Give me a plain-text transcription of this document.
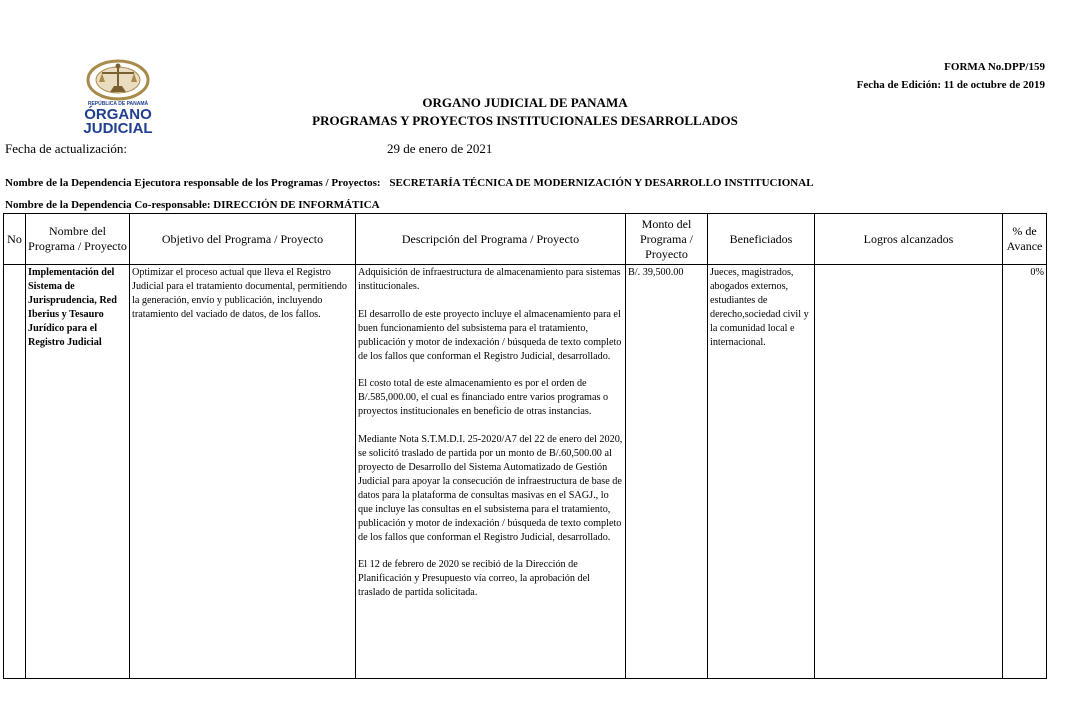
REPÚBLICA DE PANAMÁ
ÓRGANO
JUDICIAL
FORMA No.DPP/159
Fecha de Edición: 11 de octubre de 2019
ORGANO JUDICIAL DE PANAMA
PROGRAMAS Y PROYECTOS INSTITUCIONALES DESARROLLADOS
Fecha de actualización:	29 de enero de 2021
Nombre de la Dependencia Ejecutora responsable de los Programas / Proyectos: SECRETARÍA TÉCNICA DE MODERNIZACIÓN Y DESARROLLO INSTITUCIONAL
Nombre de la Dependencia Co-responsable: DIRECCIÓN DE INFORMÁTICA
No	Nombre del Programa / Proyecto	Objetivo del Programa / Proyecto	Descripción del Programa / Proyecto	Monto del Programa / Proyecto	Beneficiados	Logros alcanzados	% de Avance
	Implementación del Sistema de Jurisprudencia, Red Iberius y Tesauro Jurídico para el Registro Judicial	Optimizar el proceso actual que lleva el Registro Judicial para el tratamiento documental, permitiendo la generación, envío y publicación, incluyendo tratamiento del vaciado de datos, de los fallos.	Adquisición de infraestructura de almacenamiento para sistemas institucionales.

El desarrollo de este proyecto incluye el almacenamiento para el buen funcionamiento del subsistema para el tratamiento, publicación y motor de indexación / búsqueda de texto completo de los fallos que conforman el Registro Judicial, desarrollado.

El costo total de este almacenamiento es por el orden de B/.585,000.00, el cual es financiado entre varios programas o proyectos institucionales en beneficio de otras instancias.

Mediante Nota S.T.M.D.I. 25-2020/A7 del 22 de enero del 2020, se solicitó traslado de partida por un monto de B/.60,500.00 al proyecto de Desarrollo del Sistema Automatizado de Gestión Judicial para apoyar la consecución de infraestructura de base de datos para la plataforma de consultas masivas en el SAGJ., lo que incluye las consultas en el subsistema para el tratamiento, publicación y motor de indexación / búsqueda de texto completo de los fallos que conforman el Registro Judicial, desarrollado.

El 12 de febrero de 2020 se recibió de la Dirección de Planificación y Presupuesto vía correo, la aprobación del traslado de partida solicitada.	B/. 39,500.00	Jueces, magistrados, abogados externos, estudiantes de derecho,sociedad civil y la comunidad local e internacional.		0%
